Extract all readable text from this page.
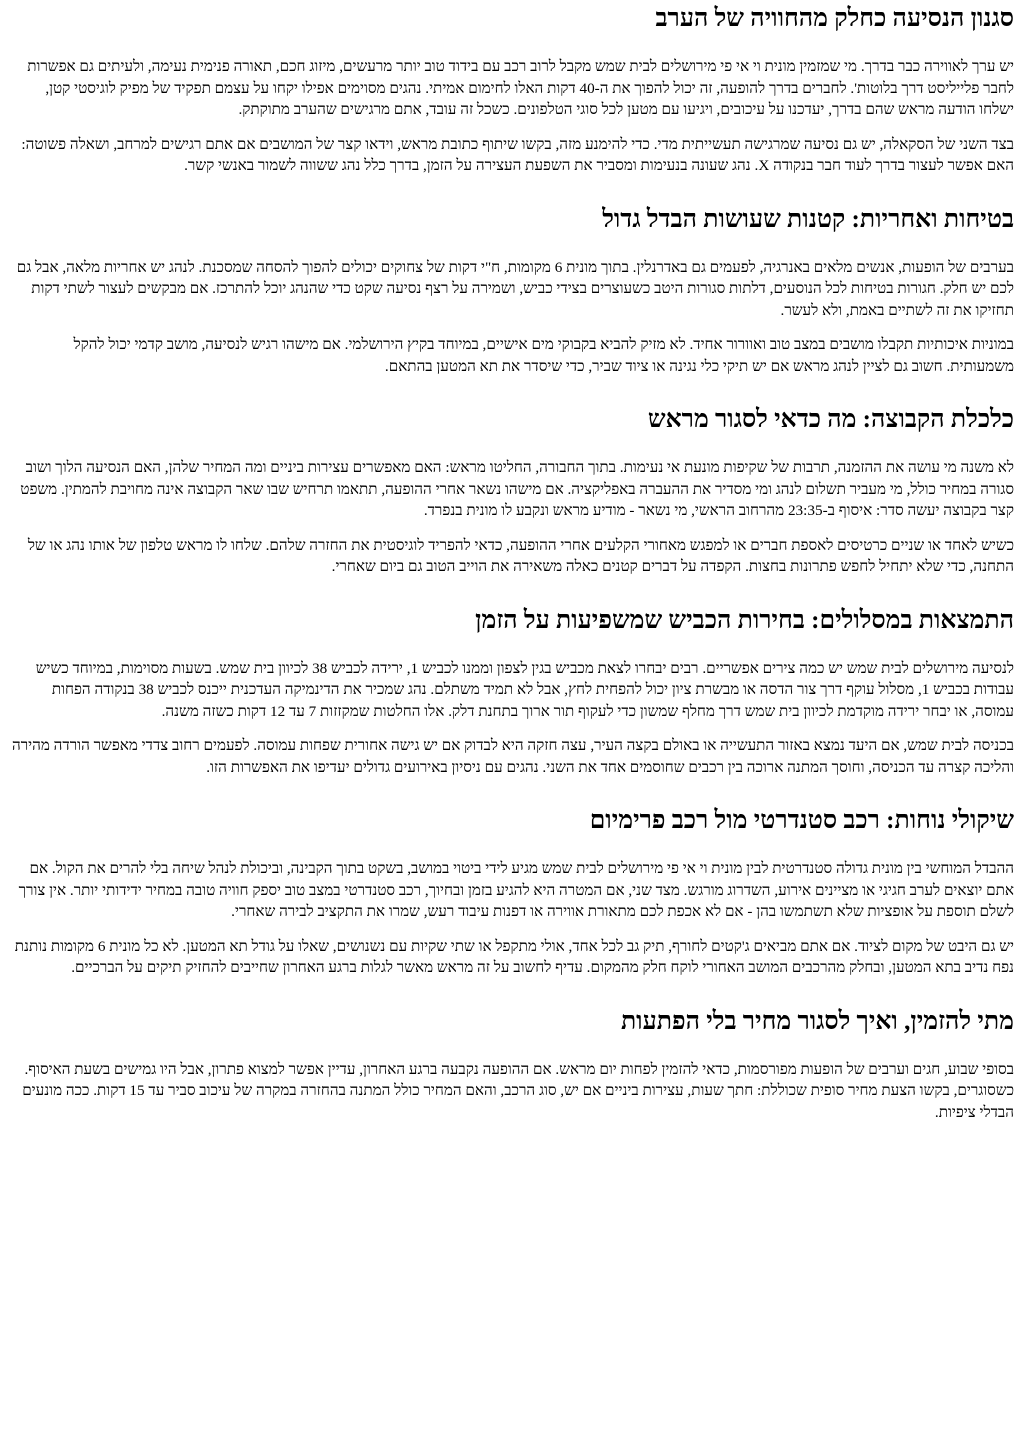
סגנון הנסיעה כחלק מהחוויה של הערב

יש ערך לאווירה כבר בדרך. מי שמזמין מונית וי אי פי מירושלים לבית שמש מקבל לרוב רכב עם בידוד טוב יותר מרעשים, מיזוג חכם, תאורה פנימית נעימה, ולעיתים גם אפשרות לחבר פלייליסט דרך בלוטות'. לחברים בדרך להופעה, זה יכול להפוך את ה-40 דקות האלו לחימום אמיתי. נהגים מסוימים אפילו יקחו על עצמם תפקיד של מפיק לוגיסטי קטן, ישלחו הודעה מראש שהם בדרך, יעדכנו על עיכובים, ויגיעו עם מטען לכל סוגי הטלפונים. כשכל זה עובד, אתם מרגישים שהערב מתוקתק.

בצד השני של הסקאלה, יש גם נסיעה שמרגישה תעשייתית מדי. כדי להימנע מזה, בקשו שיתוף כתובת מראש, וידאו קצר של המושבים אם אתם רגישים למרחב, ושאלה פשוטה: האם אפשר לעצור בדרך לעוד חבר בנקודה X. נהג שעונה בנעימות ומסביר את השפעת העצירה על הזמן, בדרך כלל נהג ששווה לשמור באנשי קשר.

בטיחות ואחריות: קטנות שעושות הבדל גדול

בערבים של הופעות, אנשים מלאים באנרגיה, לפעמים גם באדרנלין. בתוך מונית 6 מקומות, ח"י דקות של צחוקים יכולים להפוך להסחה שמסכנת. לנהג יש אחריות מלאה, אבל גם לכם יש חלק. חגורות בטיחות לכל הנוסעים, דלתות סגורות היטב כשעוצרים בצידי כביש, ושמירה על רצף נסיעה שקט כדי שהנהג יוכל להתרכז. אם מבקשים לעצור לשתי דקות תחזיקו את זה לשתיים באמת, ולא לעשר.

במוניות איכותיות תקבלו מושבים במצב טוב ואוורור אחיד. לא מזיק להביא בקבוקי מים אישיים, במיוחד בקיץ הירושלמי. אם מישהו רגיש לנסיעה, מושב קדמי יכול להקל משמעותית. חשוב גם לציין לנהג מראש אם יש תיקי כלי נגינה או ציוד שביר, כדי שיסדר את תא המטען בהתאם.

כלכלת הקבוצה: מה כדאי לסגור מראש

לא משנה מי עושה את ההזמנה, תרבות של שקיפות מונעת אי נעימות. בתוך החבורה, החליטו מראש: האם מאפשרים עצירות ביניים ומה המחיר שלהן, האם הנסיעה הלוך ושוב סגורה במחיר כולל, מי מעביר תשלום לנהג ומי מסדיר את ההעברה באפליקציה. אם מישהו נשאר אחרי ההופעה, תתאמו תרחיש שבו שאר הקבוצה אינה מחויבת להמתין. משפט קצר בקבוצה יעשה סדר: איסוף ב-23:35 מהרחוב הראשי, מי נשאר - מודיע מראש ונקבע לו מונית בנפרד.

כשיש לאחד או שניים כרטיסים לאספת חברים או למפגש מאחורי הקלעים אחרי ההופעה, כדאי להפריד לוגיסטית את החזרה שלהם. שלחו לו מראש טלפון של אותו נהג או של התחנה, כדי שלא יתחיל לחפש פתרונות בחצות. הקפדה על דברים קטנים כאלה משאירה את הוייב הטוב גם ביום שאחרי.

התמצאות במסלולים: בחירות הכביש שמשפיעות על הזמן

לנסיעה מירושלים לבית שמש יש כמה צירים אפשריים. רבים יבחרו לצאת מכביש בגין לצפון וממנו לכביש 1, ירידה לכביש 38 לכיוון בית שמש. בשעות מסוימות, במיוחד כשיש עבודות בכביש 1, מסלול עוקף דרך צור הדסה או מבשרת ציון יכול להפחית לחץ, אבל לא תמיד משתלם. נהג שמכיר את הדינמיקה העדכנית ייכנס לכביש 38 בנקודה הפחות עמוסה, או יבחר ירידה מוקדמת לכיוון בית שמש דרך מחלף שמשון כדי לעקוף תור ארוך בתחנת דלק. אלו החלטות שמקזזות 7 עד 12 דקות כשזה משנה.

בכניסה לבית שמש, אם היעד נמצא באזור התעשייה או באולם בקצה העיר, עצה חזקה היא לבדוק אם יש גישה אחורית שפחות עמוסה. לפעמים רחוב צדדי מאפשר הורדה מהירה והליכה קצרה עד הכניסה, וחוסך המתנה ארוכה בין רכבים שחוסמים אחד את השני. נהגים עם ניסיון באירועים גדולים יעדיפו את האפשרות הזו.

שיקולי נוחות: רכב סטנדרטי מול רכב פרימיום

ההבדל המוחשי בין מונית גדולה סטנדרטית לבין מונית וי אי פי מירושלים לבית שמש מגיע לידי ביטוי במושב, בשקט בתוך הקבינה, וביכולת לנהל שיחה בלי להרים את הקול. אם אתם יוצאים לערב חגיגי או מציינים אירוע, השדרוג מורגש. מצד שני, אם המטרה היא להגיע בזמן ובחיוך, רכב סטנדרטי במצב טוב יספק חוויה טובה במחיר ידידותי יותר. אין צורך לשלם תוספת על אופציות שלא תשתמשו בהן - אם לא אכפת לכם מתאורת אווירה או דפנות עיבוד רעש, שמרו את התקציב לבירה שאחרי.

יש גם היבט של מקום לציוד. אם אתם מביאים ג'קטים לחורף, תיק גב לכל אחד, אולי מתקפל או שתי שקיות עם נשנושים, שאלו על גודל תא המטען. לא כל מונית 6 מקומות נותנת נפח נדיב בתא המטען, ובחלק מהרכבים המושב האחורי לוקח חלק מהמקום. עדיף לחשוב על זה מראש מאשר לגלות ברגע האחרון שחייבים להחזיק תיקים על הברכיים.

מתי להזמין, ואיך לסגור מחיר בלי הפתעות

בסופי שבוע, חגים וערבים של הופעות מפורסמות, כדאי להזמין לפחות יום מראש. אם ההופעה נקבעה ברגע האחרון, עדיין אפשר למצוא פתרון, אבל היו גמישים בשעת האיסוף. כשסוגרים, בקשו הצעת מחיר סופית שכוללת: חתך שעות, עצירות ביניים אם יש, סוג הרכב, והאם המחיר כולל המתנה בהחזרה במקרה של עיכוב סביר עד 15 דקות. ככה מונעים הבדלי ציפיות.
